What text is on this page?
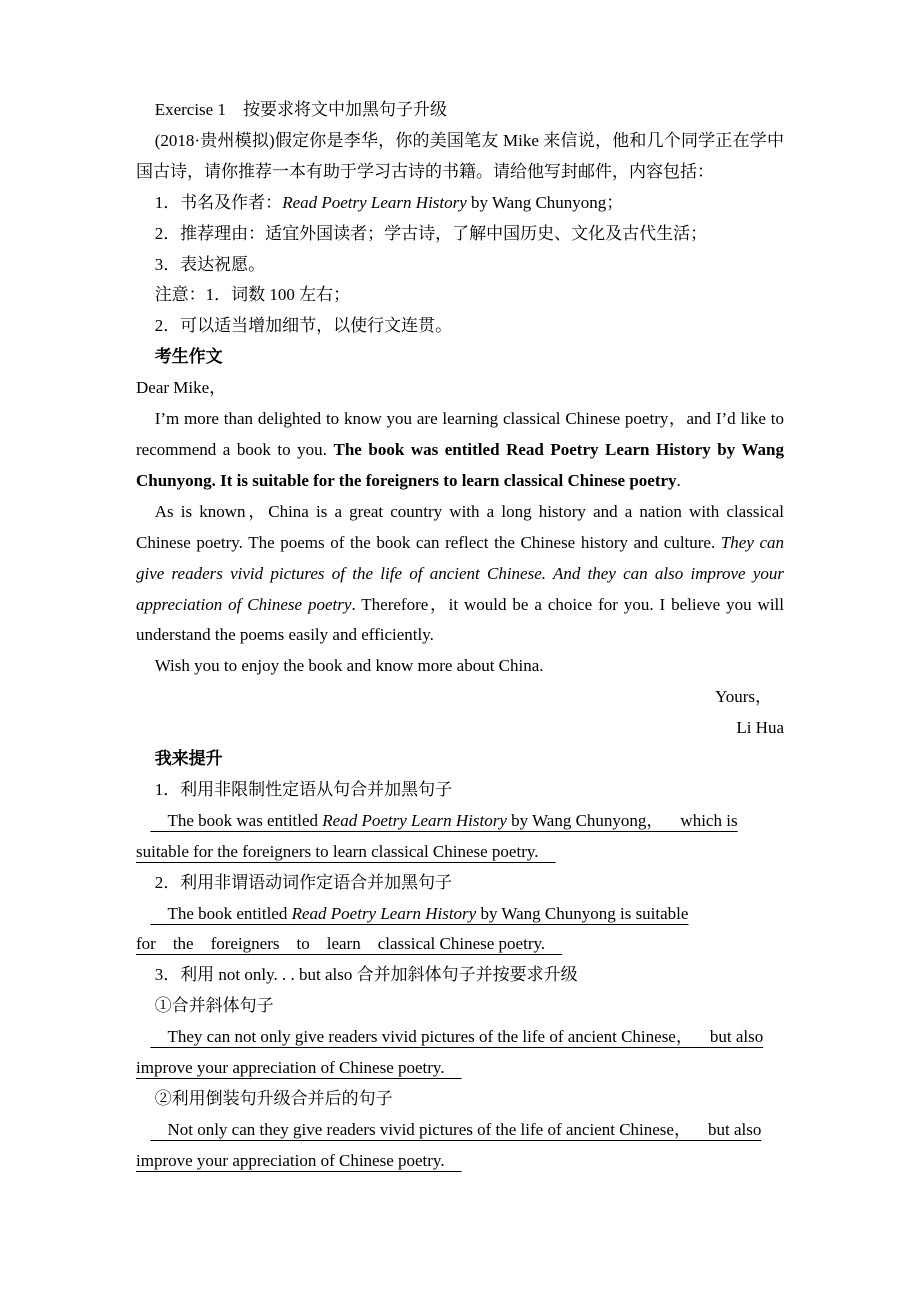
Exercise 1　按要求将文中加黑句子升级

(2018·贵州模拟)假定你是李华，你的美国笔友 Mike 来信说，他和几个同学正在学中国古诗，请你推荐一本有助于学习古诗的书籍。请给他写封邮件，内容包括：

1．书名及作者：Read Poetry Learn History by Wang Chunyong；

2．推荐理由：适宜外国读者；学古诗，了解中国历史、文化及古代生活；

3．表达祝愿。

注意：1．词数 100 左右；

2．可以适当增加细节，以使行文连贯。

考生作文

Dear Mike，

I’m more than delighted to know you are learning classical Chinese poetry，and I’d like to recommend a book to you. The book was entitled Read Poetry Learn History by Wang Chunyong. It is suitable for the foreigners to learn classical Chinese poetry.

As is known，China is a great country with a long history and a nation with classical Chinese poetry. The poems of the book can reflect the Chinese history and culture. They can give readers vivid pictures of the life of ancient Chinese. And they can also improve your appreciation of Chinese poetry. Therefore，it would be a choice for you. I believe you will understand the poems easily and efficiently.

Wish you to enjoy the book and know more about China.

Yours，

Li Hua

我来提升

1．利用非限制性定语从句合并加黑句子

 The book was entitled Read Poetry Learn History by Wang Chunyong，  which is
suitable for the foreigners to learn classical Chinese poetry. 

2．利用非谓语动词作定语合并加黑句子

 The book entitled Read Poetry Learn History by Wang Chunyong is suitable
for the foreigners to learn classical Chinese poetry. 

3．利用 not only. . . but also 合并加斜体句子并按要求升级

①合并斜体句子

 They can not only give readers vivid pictures of the life of ancient Chinese，  but also
improve your appreciation of Chinese poetry. 

②利用倒装句升级合并后的句子

 Not only can they give readers vivid pictures of the life of ancient Chinese，  but also
improve your appreciation of Chinese poetry. 
